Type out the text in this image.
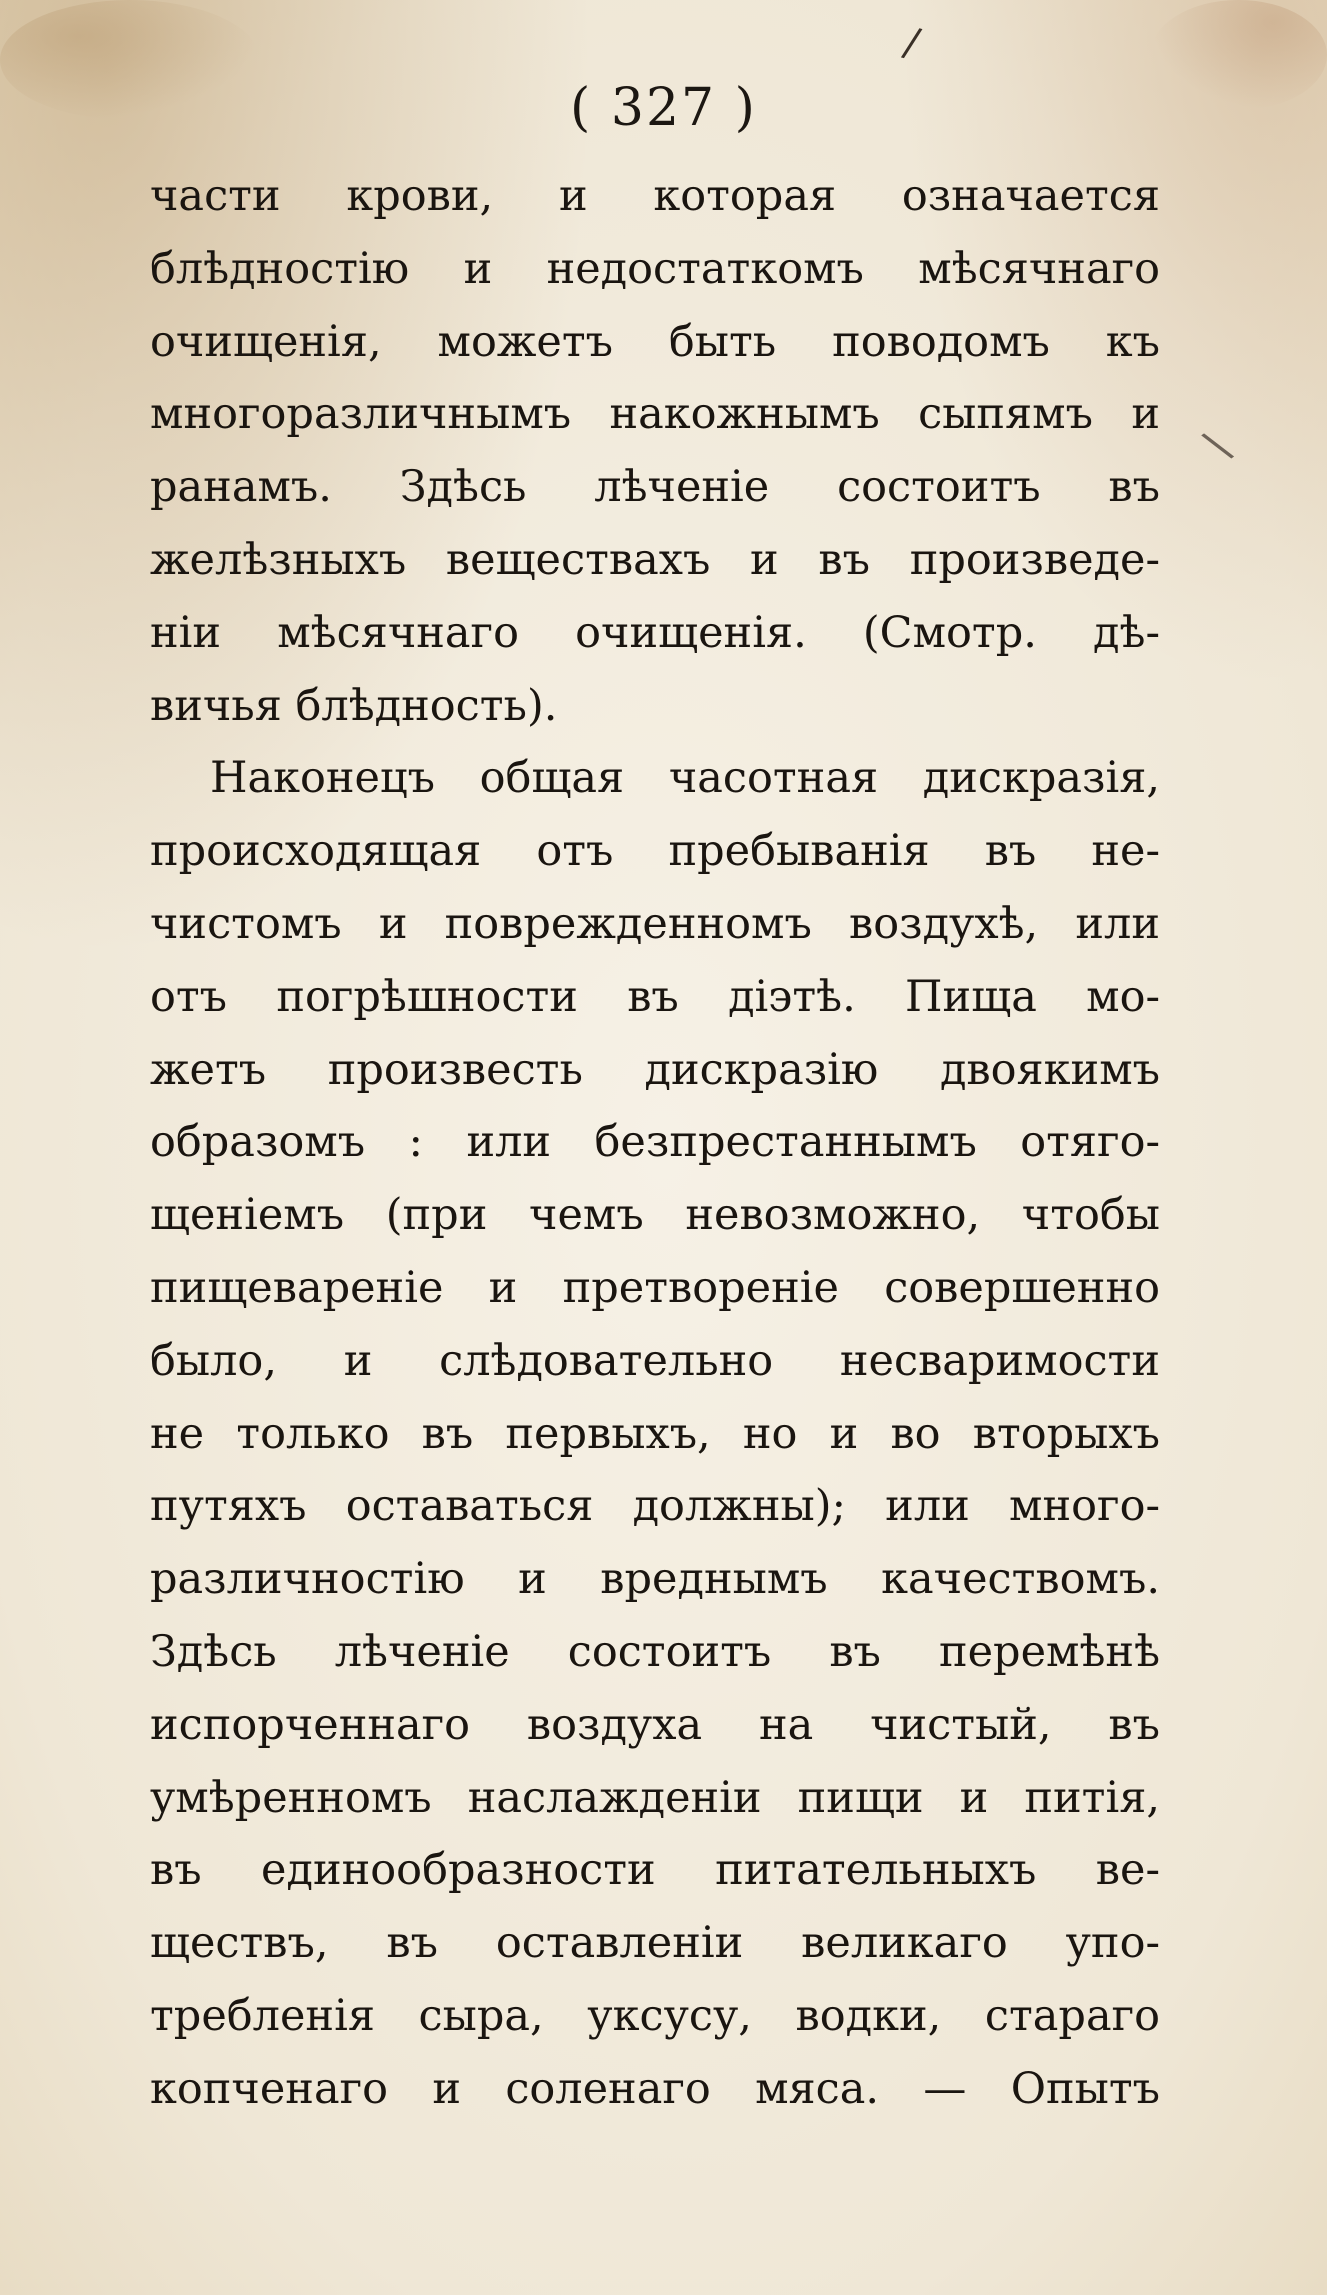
/
\
( 327 )
части крови, и которая означается
блѣдностію и недостаткомъ мѣсячнаго
очищенія, можетъ быть поводомъ къ
многоразличнымъ накожнымъ сыпямъ и
ранамъ. Здѣсь лѣченіе состоитъ въ
желѣзныхъ веществахъ и въ произведе-
ніи мѣсячнаго очищенія. (Смотр. дѣ-
вичья блѣдность).
Наконецъ общая часотная дискразія,
происходящая отъ пребыванія въ не-
чистомъ и поврежденномъ воздухѣ, или
отъ погрѣшности въ діэтѣ. Пища мо-
жетъ произвесть дискразію двоякимъ
образомъ : или безпрестаннымъ отяго-
щеніемъ (при чемъ невозможно, чтобы
пищевареніе и претвореніе совершенно
было, и слѣдовательно несваримости
не только въ первыхъ, но и во вторыхъ
путяхъ оставаться должны); или много-
различностію и вреднымъ качествомъ.
Здѣсь лѣченіе состоитъ въ перемѣнѣ
испорченнаго воздуха на чистый, въ
умѣренномъ наслажденіи пищи и питія,
въ единообразности питательныхъ ве-
ществъ, въ оставленіи великаго упо-
требленія сыра, уксусу, водки, стараго
копченаго и соленаго мяса. — Опытъ
